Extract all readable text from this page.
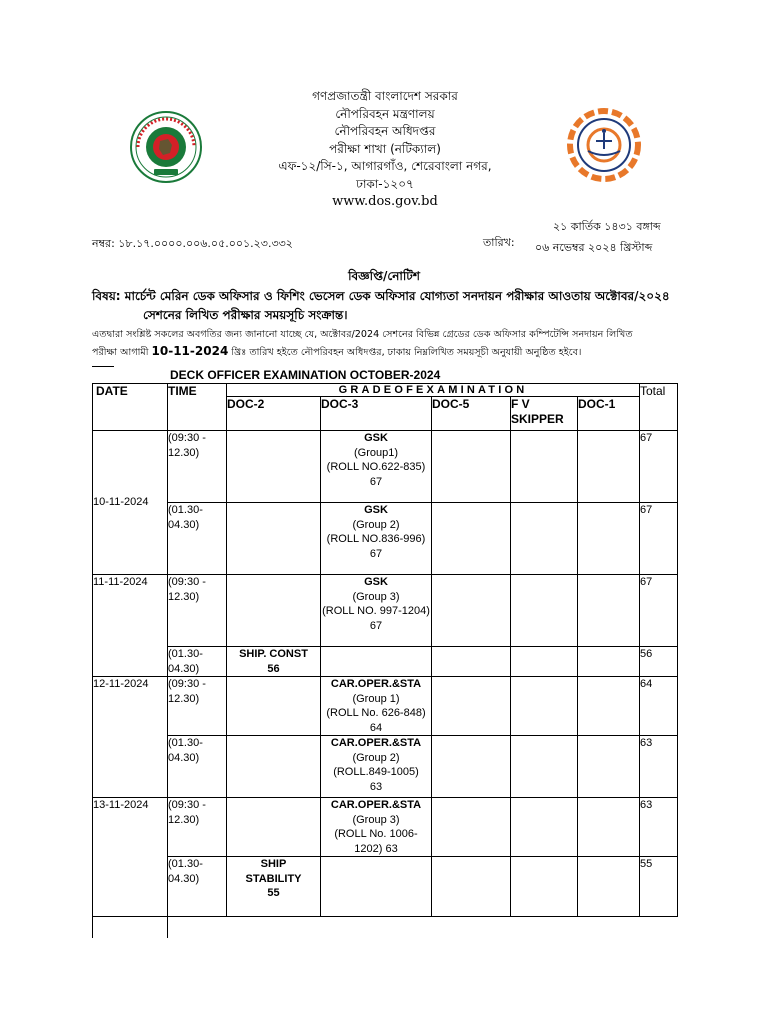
গণপ্রজাতন্ত্রী বাংলাদেশ সরকার
নৌপরিবহন মন্ত্রণালয়
নৌপরিবহন অধিদপ্তর
পরীক্ষা শাখা (নটিক্যাল)
এফ-১২/সি-১, আগারগাঁও, শেরেবাংলা নগর,
ঢাকা-১২০৭
www.dos.gov.bd
নম্বর: ১৮.১৭.০০০০.০০৬.০৫.০০১.২৩.৩৩২
২১ কার্তিক ১৪৩১ বঙ্গাব্দ
তারিখ: ০৬ নভেম্বর ২০২৪ খ্রিস্টাব্দ
বিজ্ঞপ্তি/নোটিশ
বিষয়: মার্চেন্ট মেরিন ডেক অফিসার ও ফিশিং ভেসেল ডেক অফিসার যোগ্যতা সনদায়ন পরীক্ষার আওতায় অক্টোবর/২০২৪
সেশনের লিখিত পরীক্ষার সময়সূচি সংক্রান্ত।
এতদ্বারা সংশ্লিষ্ট সকলের অবগতির জন্য জানানো যাচ্ছে যে, অক্টোবর/2024 সেশনের বিভিন্ন গ্রেডের ডেক অফিসার কম্পিটেন্সি সনদায়ন লিখিত
পরীক্ষা আগামী 10-11-2024 খ্রিঃ তারিখ হইতে নৌপরিবহন অধিদপ্তর, ঢাকায় নিম্নলিখিত সময়সূচী অনুযায়ী অনুষ্ঠিত হইবে।
DECK OFFICER EXAMINATION OCTOBER-2024
DATE	TIME	GRADEOFEXAMINATION					Total
		DOC-2	DOC-3	DOC-5	F V SKIPPER	DOC-1	
10-11-2024	(09:30 - 12.30)		GSK
(Group1)
(ROLL NO.622-835)
67				67
	(01.30-04.30)		GSK
(Group 2)
(ROLL NO.836-996)
67				67
11-11-2024	(09:30 - 12.30)		GSK
(Group 3)
(ROLL NO. 997-1204)
67				67
	(01.30-04.30)	SHIP. CONST
56					56
12-11-2024	(09:30 - 12.30)		CAR.OPER.&STA
(Group 1)
(ROLL No. 626-848) 64				64
	(01.30-04.30)		CAR.OPER.&STA
(Group 2)
(ROLL.849-1005)
63				63
13-11-2024	(09:30 - 12.30)		CAR.OPER.&STA
(Group 3)
(ROLL No. 1006-1202) 63				63
	(01.30-04.30)	SHIP STABILITY
55					55
